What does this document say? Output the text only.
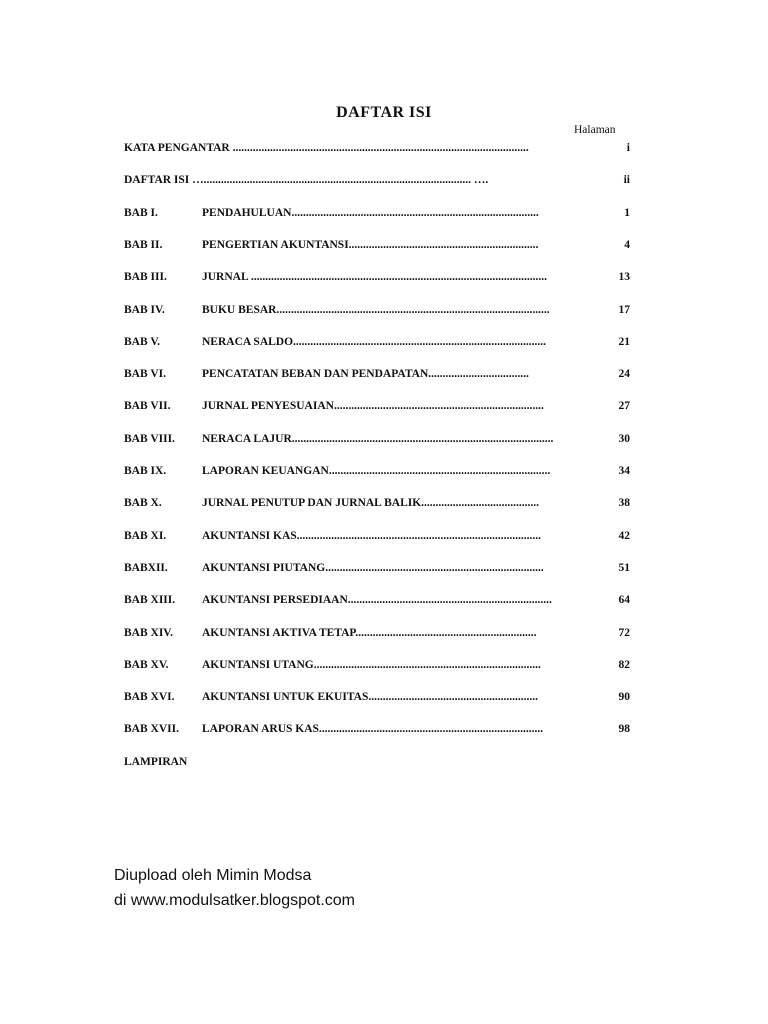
DAFTAR ISI
Halaman
KATA PENGANTAR .......................................................................................................	i
DAFTAR ISI …............................................................................................. ….	ii
BAB I.	PENDAHULUAN......................................................................................	1
BAB II.	PENGERTIAN AKUNTANSI..................................................................	4
BAB III.	JURNAL .......................................................................................................	13
BAB IV.	BUKU BESAR...............................................................................................	17
BAB V.	NERACA SALDO........................................................................................	21
BAB VI.	PENCATATAN BEBAN DAN PENDAPATAN...................................	24
BAB VII.	JURNAL PENYESUAIAN.........................................................................	27
BAB VIII.	NERACA LAJUR...........................................................................................	30
BAB IX.	LAPORAN KEUANGAN.............................................................................	34
BAB X.	JURNAL PENUTUP DAN JURNAL BALIK.........................................	38
BAB XI.	AKUNTANSI KAS.....................................................................................	42
BABXII.	AKUNTANSI PIUTANG............................................................................	51
BAB XIII.	AKUNTANSI PERSEDIAAN.......................................................................	64
BAB XIV.	AKUNTANSI AKTIVA TETAP...............................................................	72
BAB XV.	AKUNTANSI UTANG...............................................................................	82
BAB XVI.	AKUNTANSI UNTUK EKUITAS...........................................................	90
BAB XVII.	LAPORAN ARUS KAS..............................................................................	98
LAMPIRAN
Diupload oleh Mimin Modsa
di www.modulsatker.blogspot.com
